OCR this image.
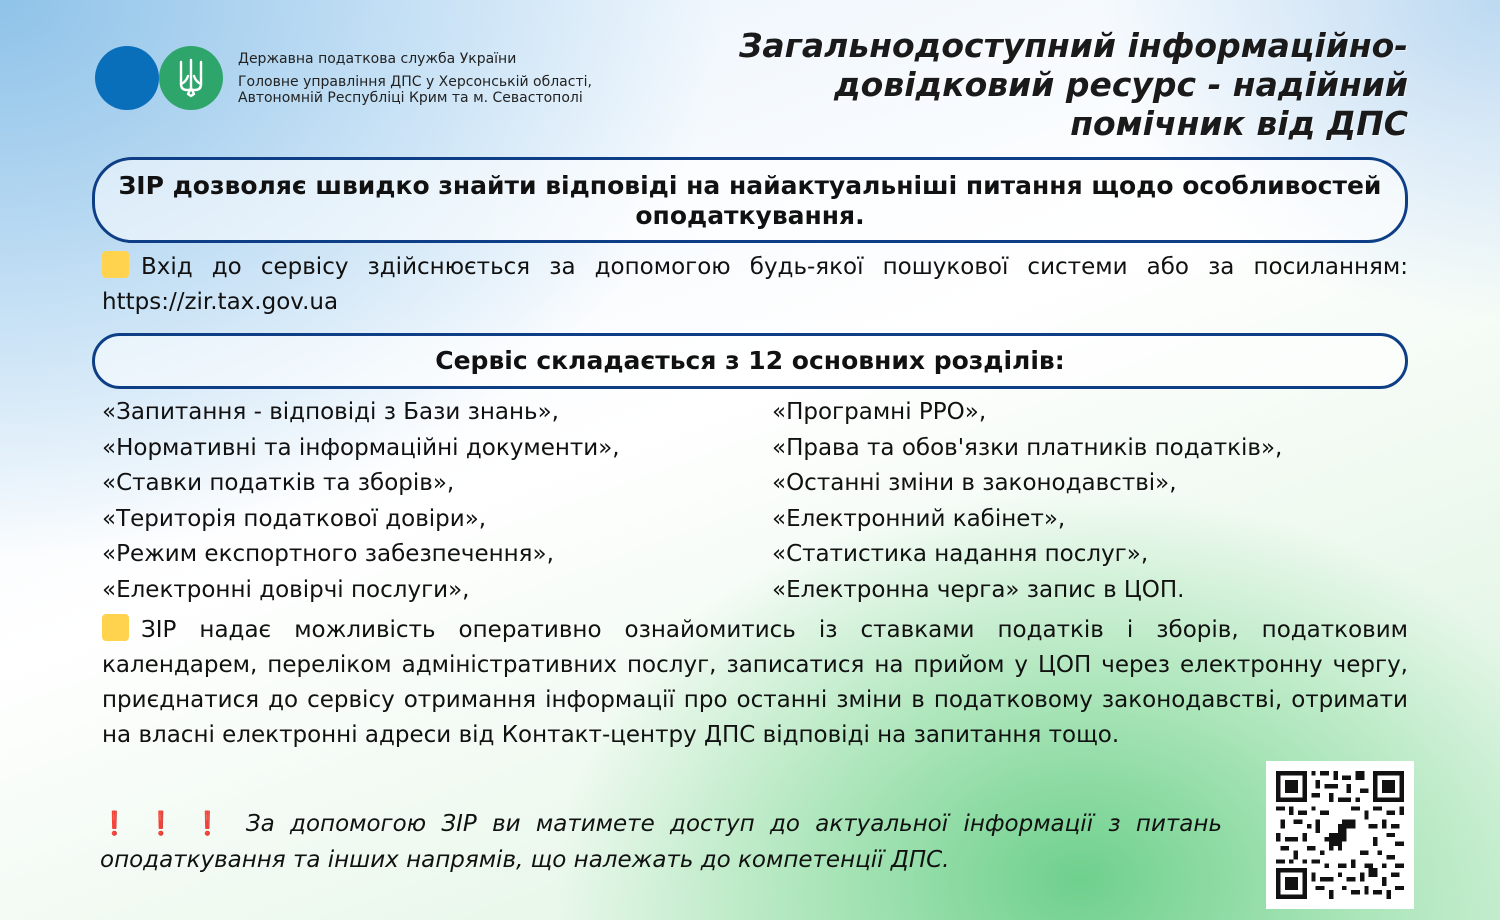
Державна податкова служба України
Головне управління ДПС у Херсонській області, Автономній Республіці Крим та м. Севастополі
Загальнодоступний інформаційно-довідковий ресурс - надійний помічник від ДПС
ЗІР дозволяє швидко знайти відповіді на найактуальніші питання щодо особливостей оподаткування.
Вхід до сервісу здійснюється за допомогою будь-якої пошукової системи або за посиланням: https://zir.tax.gov.ua
Сервіс складається з 12 основних розділів:
«Запитання - відповіді з Бази знань»,
«Нормативні та інформаційні документи»,
«Ставки податків та зборів»,
«Територія податкової довіри»,
«Режим експортного забезпечення»,
«Електронні довірчі послуги»,
«Програмні РРО»,
«Права та обов'язки платників податків»,
«Останні зміни в законодавстві»,
«Електронний кабінет»,
«Статистика надання послуг»,
«Електронна черга» запис в ЦОП.
ЗІР надає можливість оперативно ознайомитись із ставками податків і зборів, податковим календарем, переліком адміністративних послуг, записатися на прийом у ЦОП через електронну чергу, приєднатися до сервісу отримання інформації про останні зміни в податковому законодавстві, отримати на власні електронні адреси від Контакт-центру ДПС відповіді на запитання тощо.
❗❗❗ За допомогою ЗІР ви матимете доступ до актуальної інформації з питань оподаткування та інших напрямів, що належать до компетенції ДПС.
